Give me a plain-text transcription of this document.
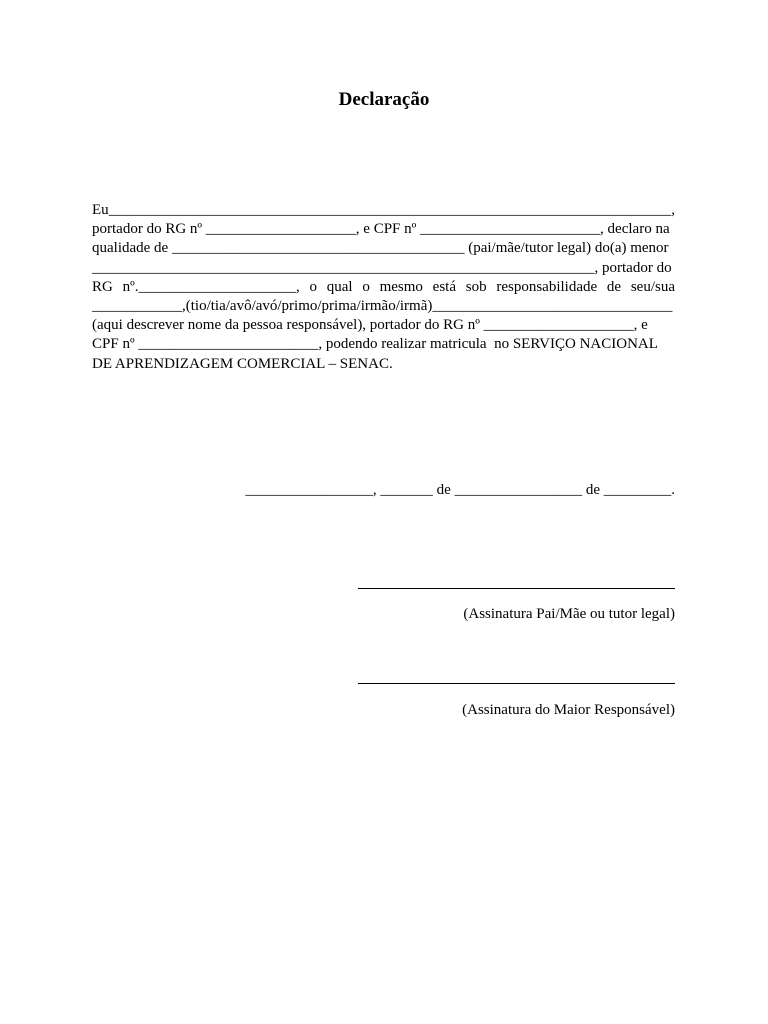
Declaração
Eu ___________________________________________________________________________,
portador do RG nº ____________________, e CPF nº ________________________, declaro na
qualidade de _______________________________________ (pai/mãe/tutor legal) do(a) menor
___________________________________________________________________, portador do
RG nº._____________________, o qual o mesmo está sob responsabilidade de seu/sua
____________,(tio/tia/avô/avó/primo/prima/irmão/irmã)________________________________
(aqui descrever nome da pessoa responsável), portador do RG nº ____________________, e
CPF nº ________________________, podendo realizar matricula  no SERVIÇO NACIONAL
DE APRENDIZAGEM COMERCIAL – SENAC.
_________________, _______ de _________________ de _________.
(Assinatura Pai/Mãe ou tutor legal)
(Assinatura do Maior Responsável)
